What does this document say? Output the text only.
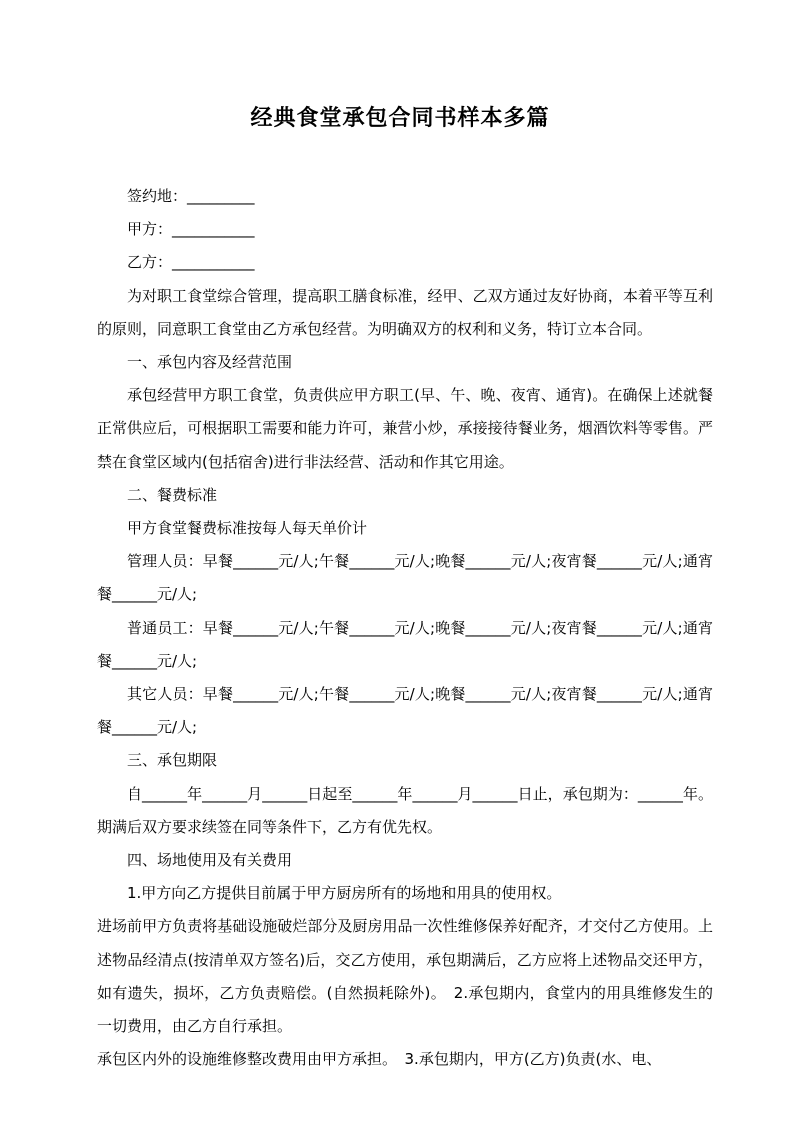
经典食堂承包合同书样本多篇

签约地：_________

甲方：___________

乙方：___________

为对职工食堂综合管理，提高职工膳食标准，经甲、乙双方通过友好协商，本着平等互利的原则，同意职工食堂由乙方承包经营。为明确双方的权利和义务，特订立本合同。

一、承包内容及经营范围

承包经营甲方职工食堂，负责供应甲方职工(早、午、晚、夜宵、通宵)。在确保上述就餐正常供应后，可根据职工需要和能力许可，兼营小炒，承接接待餐业务，烟酒饮料等零售。严禁在食堂区域内(包括宿舍)进行非法经营、活动和作其它用途。

二、餐费标准

甲方食堂餐费标准按每人每天单价计

管理人员：早餐______元/人;午餐______元/人;晚餐______元/人;夜宵餐______元/人;通宵餐______元/人;

普通员工：早餐______元/人;午餐______元/人;晚餐______元/人;夜宵餐______元/人;通宵餐______元/人;

其它人员：早餐______元/人;午餐______元/人;晚餐______元/人;夜宵餐______元/人;通宵餐______元/人;

三、承包期限

自______年______月______日起至______年______月______日止，承包期为：______年。期满后双方要求续签在同等条件下，乙方有优先权。

四、场地使用及有关费用

1.甲方向乙方提供目前属于甲方厨房所有的场地和用具的使用权。

进场前甲方负责将基础设施破烂部分及厨房用品一次性维修保养好配齐，才交付乙方使用。上述物品经清点(按清单双方签名)后，交乙方使用，承包期满后，乙方应将上述物品交还甲方，如有遗失，损坏，乙方负责赔偿。(自然损耗除外)。　2.承包期内，食堂内的用具维修发生的一切费用，由乙方自行承担。

承包区内外的设施维修整改费用由甲方承担。　3.承包期内，甲方(乙方)负责(水、电、
